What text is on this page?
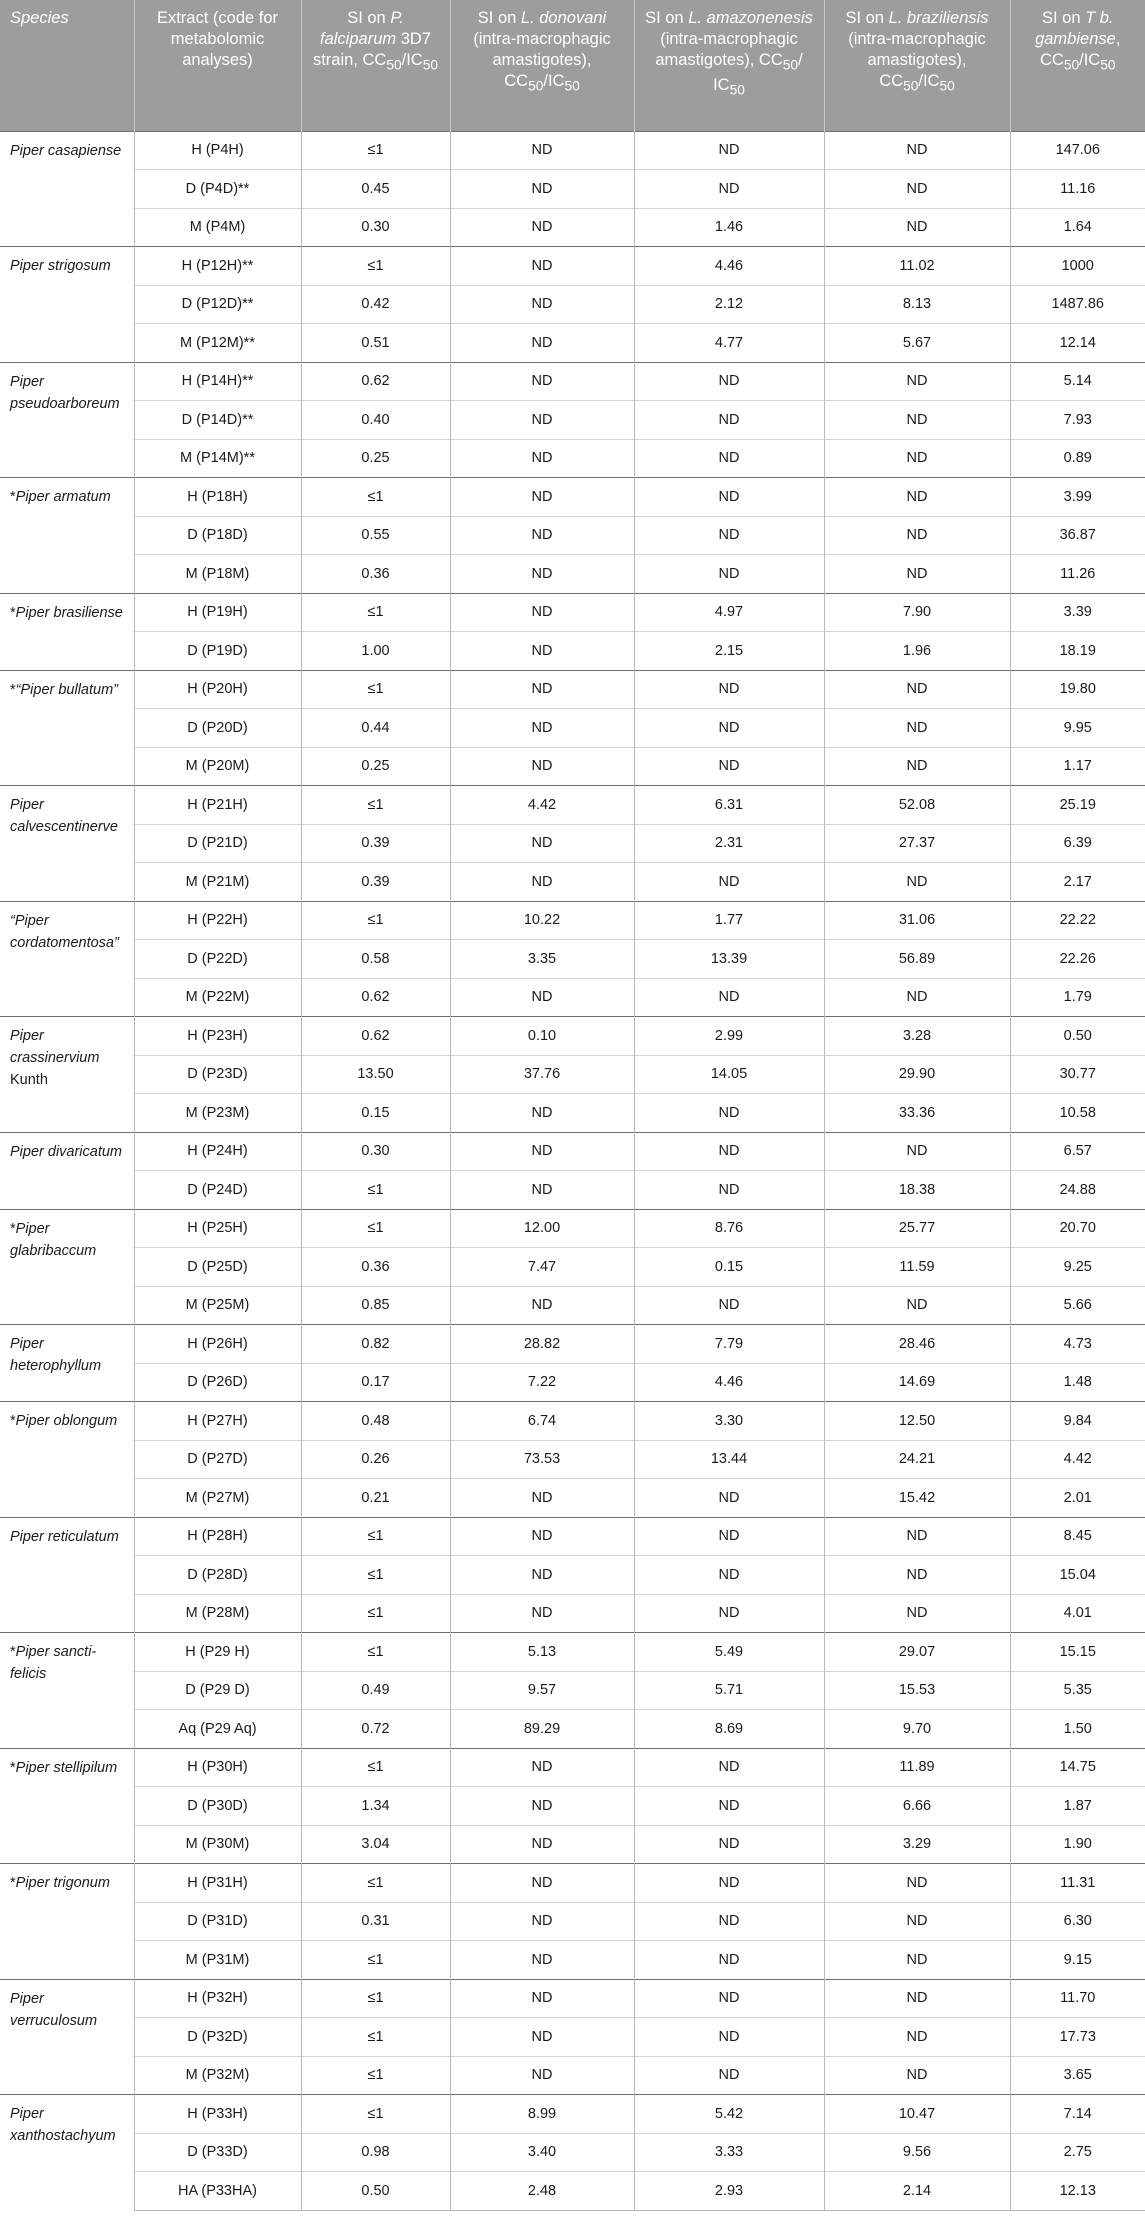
Species	Extract (code for metabolomic analyses)	SI on P. falciparum 3D7 strain, $CC_{50}/IC_{50}$	SI on L. donovani (intra-macrophagic amastigotes), $CC_{50}/IC_{50}$	SI on L. amazonenesis (intra-macrophagic amastigotes), $CC_{50}/$ $IC_{50}$	SI on L. braziliensis (intra-macrophagic amastigotes), $CC_{50}/IC_{50}$	SI on T b. gambiense, $CC_{50}/IC_{50}$
Piper casapiense	H (P4H)	≤1	ND	ND	ND	147.06
	D (P4D)**	0.45	ND	ND	ND	11.16
	M (P4M)	0.30	ND	1.46	ND	1.64
Piper strigosum	H (P12H)**	≤1	ND	4.46	11.02	1000
	D (P12D)**	0.42	ND	2.12	8.13	1487.86
	M (P12M)**	0.51	ND	4.77	5.67	12.14
Piper pseudoarboreum	H (P14H)**	0.62	ND	ND	ND	5.14
	D (P14D)**	0.40	ND	ND	ND	7.93
	M (P14M)**	0.25	ND	ND	ND	0.89
*Piper armatum	H (P18H)	≤1	ND	ND	ND	3.99
	D (P18D)	0.55	ND	ND	ND	36.87
	M (P18M)	0.36	ND	ND	ND	11.26
*Piper brasiliense	H (P19H)	≤1	ND	4.97	7.90	3.39
	D (P19D)	1.00	ND	2.15	1.96	18.19
*“Piper bullatum”	H (P20H)	≤1	ND	ND	ND	19.80
	D (P20D)	0.44	ND	ND	ND	9.95
	M (P20M)	0.25	ND	ND	ND	1.17
Piper calvescentinerve	H (P21H)	≤1	4.42	6.31	52.08	25.19
	D (P21D)	0.39	ND	2.31	27.37	6.39
	M (P21M)	0.39	ND	ND	ND	2.17
“Piper cordatomentosa”	H (P22H)	≤1	10.22	1.77	31.06	22.22
	D (P22D)	0.58	3.35	13.39	56.89	22.26
	M (P22M)	0.62	ND	ND	ND	1.79
Piper crassinervium Kunth	H (P23H)	0.62	0.10	2.99	3.28	0.50
	D (P23D)	13.50	37.76	14.05	29.90	30.77
	M (P23M)	0.15	ND	ND	33.36	10.58
Piper divaricatum	H (P24H)	0.30	ND	ND	ND	6.57
	D (P24D)	≤1	ND	ND	18.38	24.88
*Piper glabribaccum	H (P25H)	≤1	12.00	8.76	25.77	20.70
	D (P25D)	0.36	7.47	0.15	11.59	9.25
	M (P25M)	0.85	ND	ND	ND	5.66
Piper heterophyllum	H (P26H)	0.82	28.82	7.79	28.46	4.73
	D (P26D)	0.17	7.22	4.46	14.69	1.48
*Piper oblongum	H (P27H)	0.48	6.74	3.30	12.50	9.84
	D (P27D)	0.26	73.53	13.44	24.21	4.42
	M (P27M)	0.21	ND	ND	15.42	2.01
Piper reticulatum	H (P28H)	≤1	ND	ND	ND	8.45
	D (P28D)	≤1	ND	ND	ND	15.04
	M (P28M)	≤1	ND	ND	ND	4.01
*Piper sancti-felicis	H (P29 H)	≤1	5.13	5.49	29.07	15.15
	D (P29 D)	0.49	9.57	5.71	15.53	5.35
	Aq (P29 Aq)	0.72	89.29	8.69	9.70	1.50
*Piper stellipilum	H (P30H)	≤1	ND	ND	11.89	14.75
	D (P30D)	1.34	ND	ND	6.66	1.87
	M (P30M)	3.04	ND	ND	3.29	1.90
*Piper trigonum	H (P31H)	≤1	ND	ND	ND	11.31
	D (P31D)	0.31	ND	ND	ND	6.30
	M (P31M)	≤1	ND	ND	ND	9.15
Piper verruculosum	H (P32H)	≤1	ND	ND	ND	11.70
	D (P32D)	≤1	ND	ND	ND	17.73
	M (P32M)	≤1	ND	ND	ND	3.65
Piper xanthostachyum	H (P33H)	≤1	8.99	5.42	10.47	7.14
	D (P33D)	0.98	3.40	3.33	9.56	2.75
	HA (P33HA)	0.50	2.48	2.93	2.14	12.13
